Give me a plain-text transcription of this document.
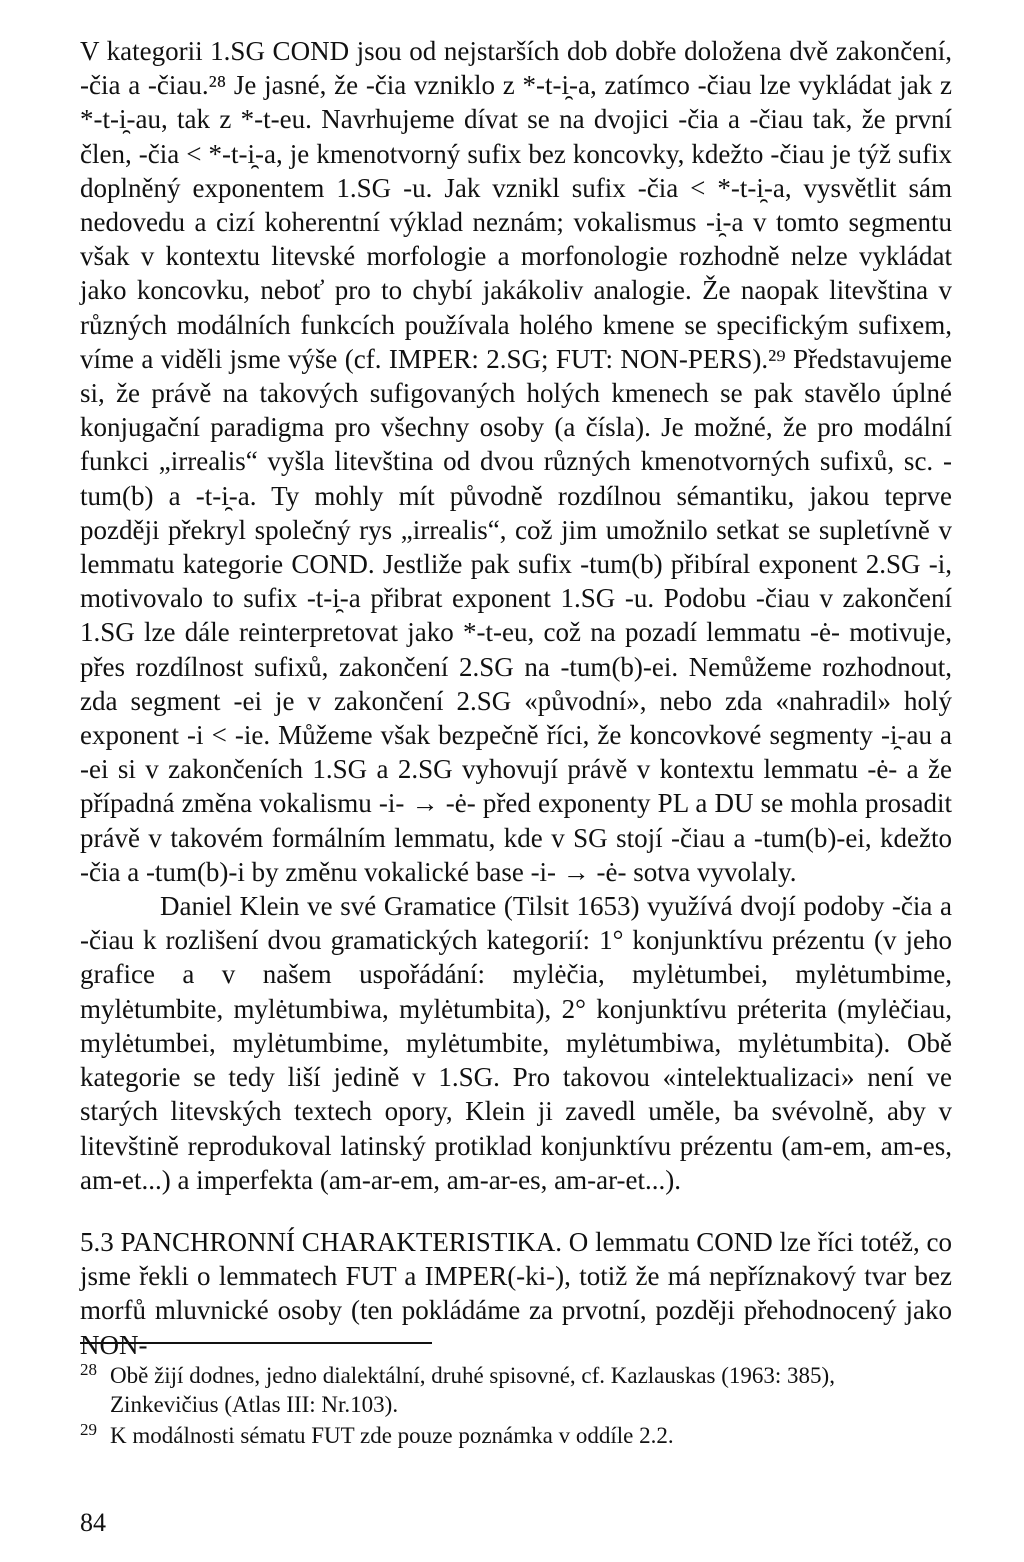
V kategorii 1.SG COND jsou od nejstarších dob dobře doložena dvě zakončení, -čia a -čiau.²⁸ Je jasné, že -čia vzniklo z *-t-i̯-a, zatímco -čiau lze vykládat jak z *-t-i̯-au, tak z *-t-eu. Navrhujeme dívat se na dvojici -čia a -čiau tak, že první člen, -čia < *-t-i̯-a, je kmenotvorný sufix bez koncovky, kdežto -čiau je týž sufix doplněný exponentem 1.SG -u. Jak vznikl sufix -čia < *-t-i̯-a, vysvětlit sám nedovedu a cizí koherentní výklad neznám; vokalismus -i̯-a v tomto segmentu však v kontextu litevské morfologie a morfonologie rozhodně nelze vykládat jako koncovku, neboť pro to chybí jakákoliv analogie. Že naopak litevština v různých modálních funkcích používala holého kmene se specifickým sufixem, víme a viděli jsme výše (cf. IMPER: 2.SG; FUT: NON-PERS).²⁹ Představujeme si, že právě na takových sufigovaných holých kmenech se pak stavělo úplné konjugační paradigma pro všechny osoby (a čísla). Je možné, že pro modální funkci „irrealis“ vyšla litevština od dvou různých kmenotvorných sufixů, sc. -tum(b) a -t-i̯-a. Ty mohly mít původně rozdílnou sémantiku, jakou teprve později překryl společný rys „irrealis“, což jim umožnilo setkat se supletívně v lemmatu kategorie COND. Jestliže pak sufix -tum(b) přibíral exponent 2.SG -i, motivovalo to sufix -t-i̯-a přibrat exponent 1.SG -u. Podobu -čiau v zakončení 1.SG lze dále reinterpretovat jako *-t-eu, což na pozadí lemmatu -ė- motivuje, přes rozdílnost sufixů, zakončení 2.SG na -tum(b)-ei. Nemůžeme rozhodnout, zda segment -ei je v zakončení 2.SG «původní», nebo zda «nahradil» holý exponent -i < -ie. Můžeme však bezpečně říci, že koncovkové segmenty -i̯-au a -ei si v zakončeních 1.SG a 2.SG vyhovují právě v kontextu lemmatu -ė- a že případná změna vokalismu -i- → -ė- před exponenty PL a DU se mohla prosadit právě v takovém formálním lemmatu, kde v SG stojí -čiau a -tum(b)-ei, kdežto -čia a -tum(b)-i by změnu vokalické base -i- → -ė- sotva vyvolaly.

Daniel Klein ve své Gramatice (Tilsit 1653) využívá dvojí podoby -čia a -čiau k rozlišení dvou gramatických kategorií: 1° konjunktívu prézentu (v jeho grafice a v našem uspořádání: mylėčia, mylėtumbei, mylėtumbime, mylėtumbite, mylėtumbiwa, mylėtumbita), 2° konjunktívu préterita (mylėčiau, mylėtumbei, mylėtumbime, mylėtumbite, mylėtumbiwa, mylėtumbita). Obě kategorie se tedy liší jedině v 1.SG. Pro takovou «intelektualizaci» není ve starých litevských textech opory, Klein ji zavedl uměle, ba svévolně, aby v litevštině reprodukoval latinský protiklad konjunktívu prézentu (am-em, am-es, am-et...) a imperfekta (am-ar-em, am-ar-es, am-ar-et...).

5.3 PANCHRONNÍ CHARAKTERISTIKA. O lemmatu COND lze říci totéž, co jsme řekli o lemmatech FUT a IMPER(-ki-), totiž že má nepříznakový tvar bez morfů mluvnické osoby (ten pokládáme za prvotní, později přehodnocený jako NON-

28 Obě žijí dodnes, jedno dialektální, druhé spisovné, cf. Kazlauskas (1963: 385),
Zinkevičius (Atlas III: Nr.103).
29 K modálnosti sématu FUT zde pouze poznámka v oddíle 2.2.
84
